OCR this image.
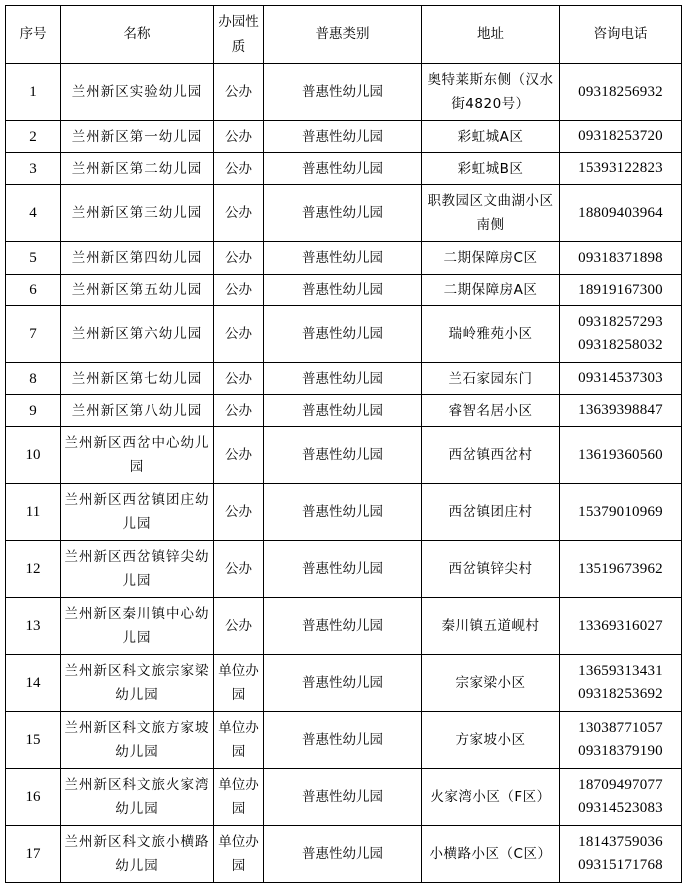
序号	名称	办园性质	普惠类别	地址	咨询电话
1	兰州新区实验幼儿园	公办	普惠性幼儿园	奥特莱斯东侧（汉水街4820号）	09318256932

2	兰州新区第一幼儿园	公办	普惠性幼儿园	彩虹城A区	09318253720

3	兰州新区第二幼儿园	公办	普惠性幼儿园	彩虹城B区	15393122823

4	兰州新区第三幼儿园	公办	普惠性幼儿园	职教园区文曲湖小区南侧	18809403964

5	兰州新区第四幼儿园	公办	普惠性幼儿园	二期保障房C区	09318371898

6	兰州新区第五幼儿园	公办	普惠性幼儿园	二期保障房A区	18919167300

7	兰州新区第六幼儿园	公办	普惠性幼儿园	瑞岭雅苑小区	09318257293
09318258032

8	兰州新区第七幼儿园	公办	普惠性幼儿园	兰石家园东门	09314537303

9	兰州新区第八幼儿园	公办	普惠性幼儿园	睿智名居小区	13639398847

10	兰州新区西岔中心幼儿园	公办	普惠性幼儿园	西岔镇西岔村	13619360560

11	兰州新区西岔镇团庄幼儿园	公办	普惠性幼儿园	西岔镇团庄村	15379010969

12	兰州新区西岔镇锌尖幼儿园	公办	普惠性幼儿园	西岔镇锌尖村	13519673962

13	兰州新区秦川镇中心幼儿园	公办	普惠性幼儿园	秦川镇五道岘村	13369316027

14	兰州新区科文旅宗家梁幼儿园	单位办园	普惠性幼儿园	宗家梁小区	13659313431
09318253692

15	兰州新区科文旅方家坡幼儿园	单位办园	普惠性幼儿园	方家坡小区	13038771057
09318379190

16	兰州新区科文旅火家湾幼儿园	单位办园	普惠性幼儿园	火家湾小区（F区）	18709497077
09314523083

17	兰州新区科文旅小横路幼儿园	单位办园	普惠性幼儿园	小横路小区（C区）	18143759036
09315171768
